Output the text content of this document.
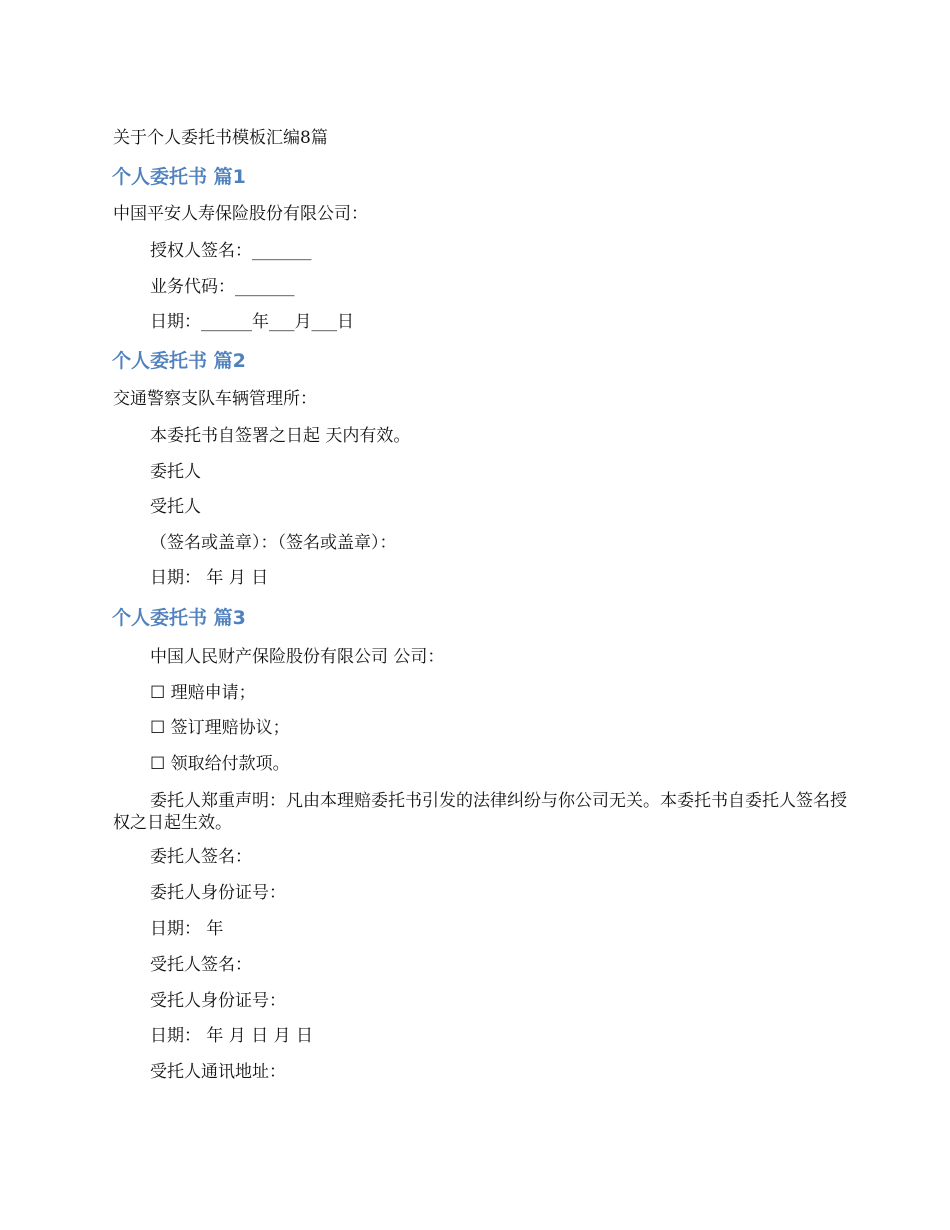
关于个人委托书模板汇编8篇
个人委托书 篇1
中国平安人寿保险股份有限公司：
授权人签名：_______
业务代码：_______
日期：______年___月___日
个人委托书 篇2
交通警察支队车辆管理所：
本委托书自签署之日起 天内有效。
委托人
受托人
（签名或盖章）：（签名或盖章）：
日期： 年 月 日
个人委托书 篇3
中国人民财产保险股份有限公司 公司：
☐ 理赔申请；
☐ 签订理赔协议；
☐ 领取给付款项。
委托人郑重声明：凡由本理赔委托书引发的法律纠纷与你公司无关。本委托书自委托人签名授权之日起生效。
委托人签名：
委托人身份证号：
日期： 年
受托人签名：
受托人身份证号：
日期： 年 月 日 月 日
受托人通讯地址：
